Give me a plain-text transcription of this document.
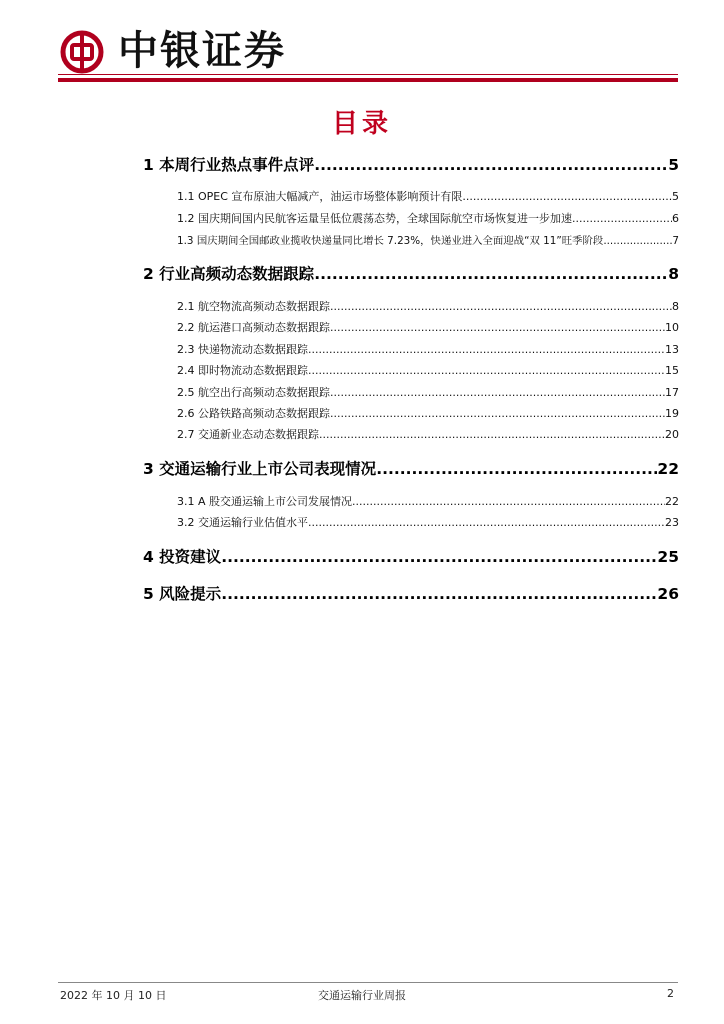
中银证券
目录
1 本周行业热点事件点评 .....	5
1.1 OPEC 宣布原油大幅减产，油运市场整体影响预计有限 .....	5
1.2 国庆期间国内民航客运量呈低位震荡态势，全球国际航空市场恢复进一步加速 .....	6
1.3 国庆期间全国邮政业揽收快递量同比增长 7.23%，快递业进入全面迎战“双 11”旺季阶段 .....	7
2 行业高频动态数据跟踪 .....	8
2.1 航空物流高频动态数据跟踪 .....	8
2.2 航运港口高频动态数据跟踪 .....	10
2.3 快递物流动态数据跟踪 .....	13
2.4 即时物流动态数据跟踪 .....	15
2.5 航空出行高频动态数据跟踪 .....	17
2.6 公路铁路高频动态数据跟踪 .....	19
2.7 交通新业态动态数据跟踪 .....	20
3 交通运输行业上市公司表现情况 .....	22
3.1 A 股交通运输上市公司发展情况 .....	22
3.2 交通运输行业估值水平 .....	23
4 投资建议 .....	25
5 风险提示 .....	26
2022 年 10 月 10 日	交通运输行业周报	2
